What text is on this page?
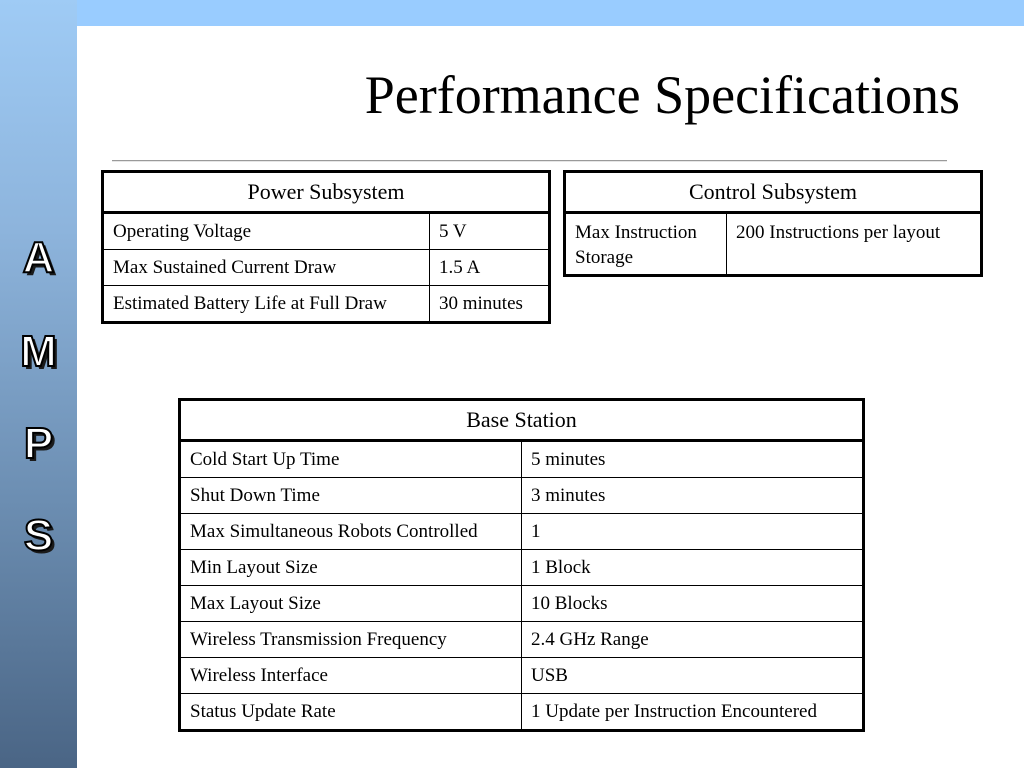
A
M
P
S
Performance Specifications
Power Subsystem	
Operating Voltage	5 V
Max Sustained Current Draw	1.5 A
Estimated Battery Life at Full Draw	30 minutes
Control Subsystem
Max Instruction Storage	200 Instructions per layout
Base Station	
Cold Start Up Time	5 minutes
Shut Down Time	3 minutes
Max Simultaneous Robots Controlled	1
Min Layout Size	1 Block
Max Layout Size	10 Blocks
Wireless Transmission Frequency	2.4 GHz Range
Wireless Interface	USB
Status Update Rate	1 Update per Instruction Encountered
